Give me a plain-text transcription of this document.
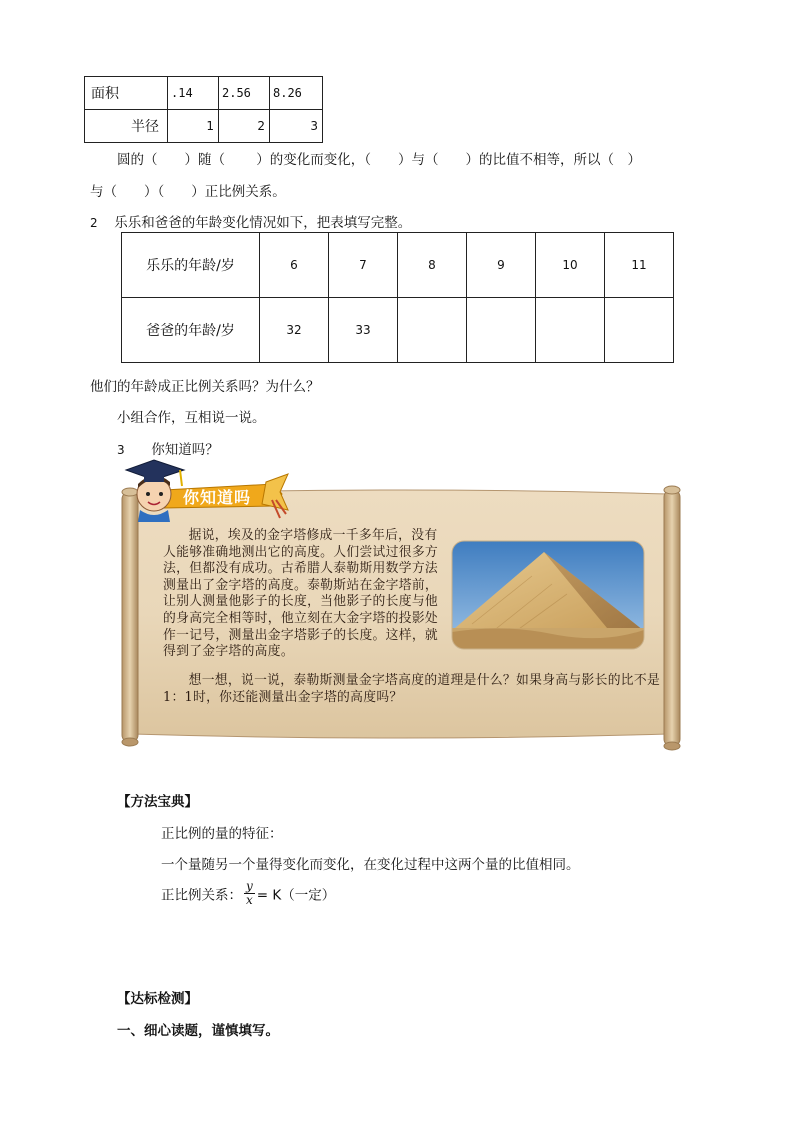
面积	.14	2.56	8.26
半径	1	2	3
圆的（　　）随（　　 ）的变化而变化，（　　）与（　　）的比值不相等，所以（　）
与（　　）（　　）正比例关系。
2 乐乐和爸爸的年龄变化情况如下，把表填写完整。
乐乐的年龄/岁	6	7	8	9	10	11
爸爸的年龄/岁	32	33				
他们的年龄成正比例关系吗？为什么？
小组合作，互相说一说。
3 你知道吗？
你知道吗
据说，埃及的金字塔修成一千多年后，没有人能够准确地测出它的高度。人们尝试过很多方法，但都没有成功。古希腊人泰勒斯用数学方法测量出了金字塔的高度。泰勒斯站在金字塔前，让别人测量他影子的长度，当他影子的长度与他的身高完全相等时，他立刻在大金字塔的投影处作一记号，测量出金字塔影子的长度。这样，就得到了金字塔的高度。
想一想，说一说，泰勒斯测量金字塔高度的道理是什么？如果身高与影长的比不是1：1时，你还能测量出金字塔的高度吗？
【方法宝典】
正比例的量的特征：
一个量随另一个量得变化而变化，在变化过程中这两个量的比值相同。
正比例关系： $\frac{y}{x} = K$（一定）
【达标检测】
一、细心读题，谨慎填写。
